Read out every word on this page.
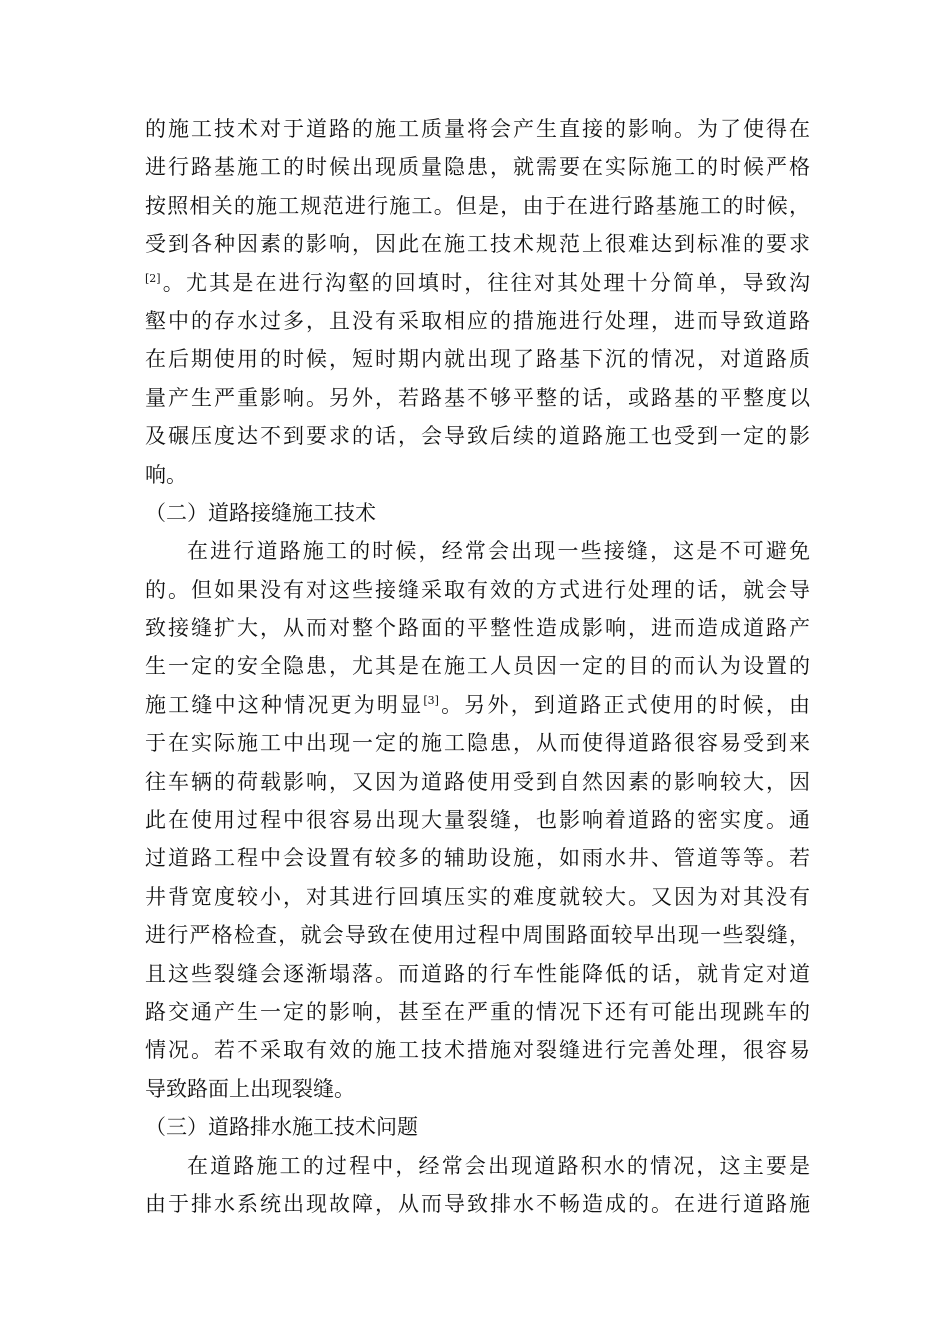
的施工技术对于道路的施工质量将会产生直接的影响。为了使得在
进行路基施工的时候出现质量隐患，就需要在实际施工的时候严格
按照相关的施工规范进行施工。但是，由于在进行路基施工的时候，
受到各种因素的影响，因此在施工技术规范上很难达到标准的要求
[2]。尤其是在进行沟壑的回填时，往往对其处理十分简单，导致沟
壑中的存水过多，且没有采取相应的措施进行处理，进而导致道路
在后期使用的时候，短时期内就出现了路基下沉的情况，对道路质
量产生严重影响。另外，若路基不够平整的话，或路基的平整度以
及碾压度达不到要求的话，会导致后续的道路施工也受到一定的影
响。
（二）道路接缝施工技术
在进行道路施工的时候，经常会出现一些接缝，这是不可避免
的。但如果没有对这些接缝采取有效的方式进行处理的话，就会导
致接缝扩大，从而对整个路面的平整性造成影响，进而造成道路产
生一定的安全隐患，尤其是在施工人员因一定的目的而认为设置的
施工缝中这种情况更为明显[3]。另外，到道路正式使用的时候，由
于在实际施工中出现一定的施工隐患，从而使得道路很容易受到来
往车辆的荷载影响，又因为道路使用受到自然因素的影响较大，因
此在使用过程中很容易出现大量裂缝，也影响着道路的密实度。通
过道路工程中会设置有较多的辅助设施，如雨水井、管道等等。若
井背宽度较小，对其进行回填压实的难度就较大。又因为对其没有
进行严格检查，就会导致在使用过程中周围路面较早出现一些裂缝，
且这些裂缝会逐渐塌落。而道路的行车性能降低的话，就肯定对道
路交通产生一定的影响，甚至在严重的情况下还有可能出现跳车的
情况。若不采取有效的施工技术措施对裂缝进行完善处理，很容易
导致路面上出现裂缝。
（三）道路排水施工技术问题
在道路施工的过程中，经常会出现道路积水的情况，这主要是
由于排水系统出现故障，从而导致排水不畅造成的。在进行道路施
